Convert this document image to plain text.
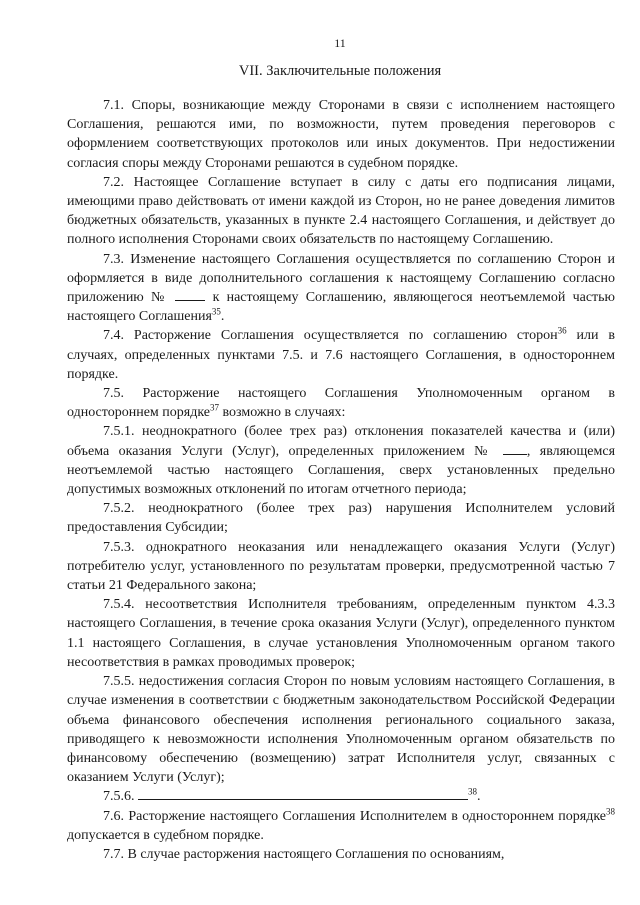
11
VII. Заключительные положения

7.1. Споры, возникающие между Сторонами в связи с исполнением настоящего Соглашения, решаются ими, по возможности, путем проведения переговоров с оформлением соответствующих протоколов или иных документов. При недостижении согласия споры между Сторонами решаются в судебном порядке.

7.2. Настоящее Соглашение вступает в силу с даты его подписания лицами, имеющими право действовать от имени каждой из Сторон, но не ранее доведения лимитов бюджетных обязательств, указанных в пункте 2.4 настоящего Соглашения, и действует до полного исполнения Сторонами своих обязательств по настоящему Соглашению.

7.3. Изменение настоящего Соглашения осуществляется по соглашению Сторон и оформляется в виде дополнительного соглашения к настоящему Соглашению согласно приложению №	к настоящему Соглашению, являющегося неотъемлемой частью настоящего Соглашения$^{35}$.

7.4. Расторжение Соглашения осуществляется по соглашению сторон$^{36}$ или в случаях, определенных пунктами 7.5. и 7.6 настоящего Соглашения, в одностороннем порядке.

7.5. Расторжение настоящего Соглашения Уполномоченным органом в одностороннем порядке$^{37}$ возможно в случаях:

7.5.1. неоднократного (более трех раз) отклонения показателей качества и (или) объема оказания Услуги (Услуг), определенных приложением № , являющемся неотъемлемой частью настоящего Соглашения, сверх установленных предельно допустимых возможных отклонений по итогам отчетного периода;

7.5.2. неоднократного (более трех раз) нарушения Исполнителем условий предоставления Субсидии;

7.5.3. однократного неоказания или ненадлежащего оказания Услуги (Услуг) потребителю услуг, установленного по результатам проверки, предусмотренной частью 7 статьи 21 Федерального закона;

7.5.4. несоответствия Исполнителя требованиям, определенным пунктом 4.3.3 настоящего Соглашения, в течение срока оказания Услуги (Услуг), определенного пунктом 1.1 настоящего Соглашения, в случае установления Уполномоченным органом такого несоответствия в рамках проводимых проверок;

7.5.5. недостижения согласия Сторон по новым условиям настоящего Соглашения, в случае изменения в соответствии с бюджетным законодательством Российской Федерации объема финансового обеспечения исполнения регионального социального заказа, приводящего к невозможности исполнения Уполномоченным органом обязательств по финансовому обеспечению (возмещению) затрат Исполнителя услуг, связанных с оказанием Услуги (Услуг);

7.5.6.	$^{38}$.

7.6. Расторжение настоящего Соглашения Исполнителем в одностороннем порядке$^{38}$ допускается в судебном порядке.

7.7. В случае расторжения настоящего Соглашения по основаниям,
